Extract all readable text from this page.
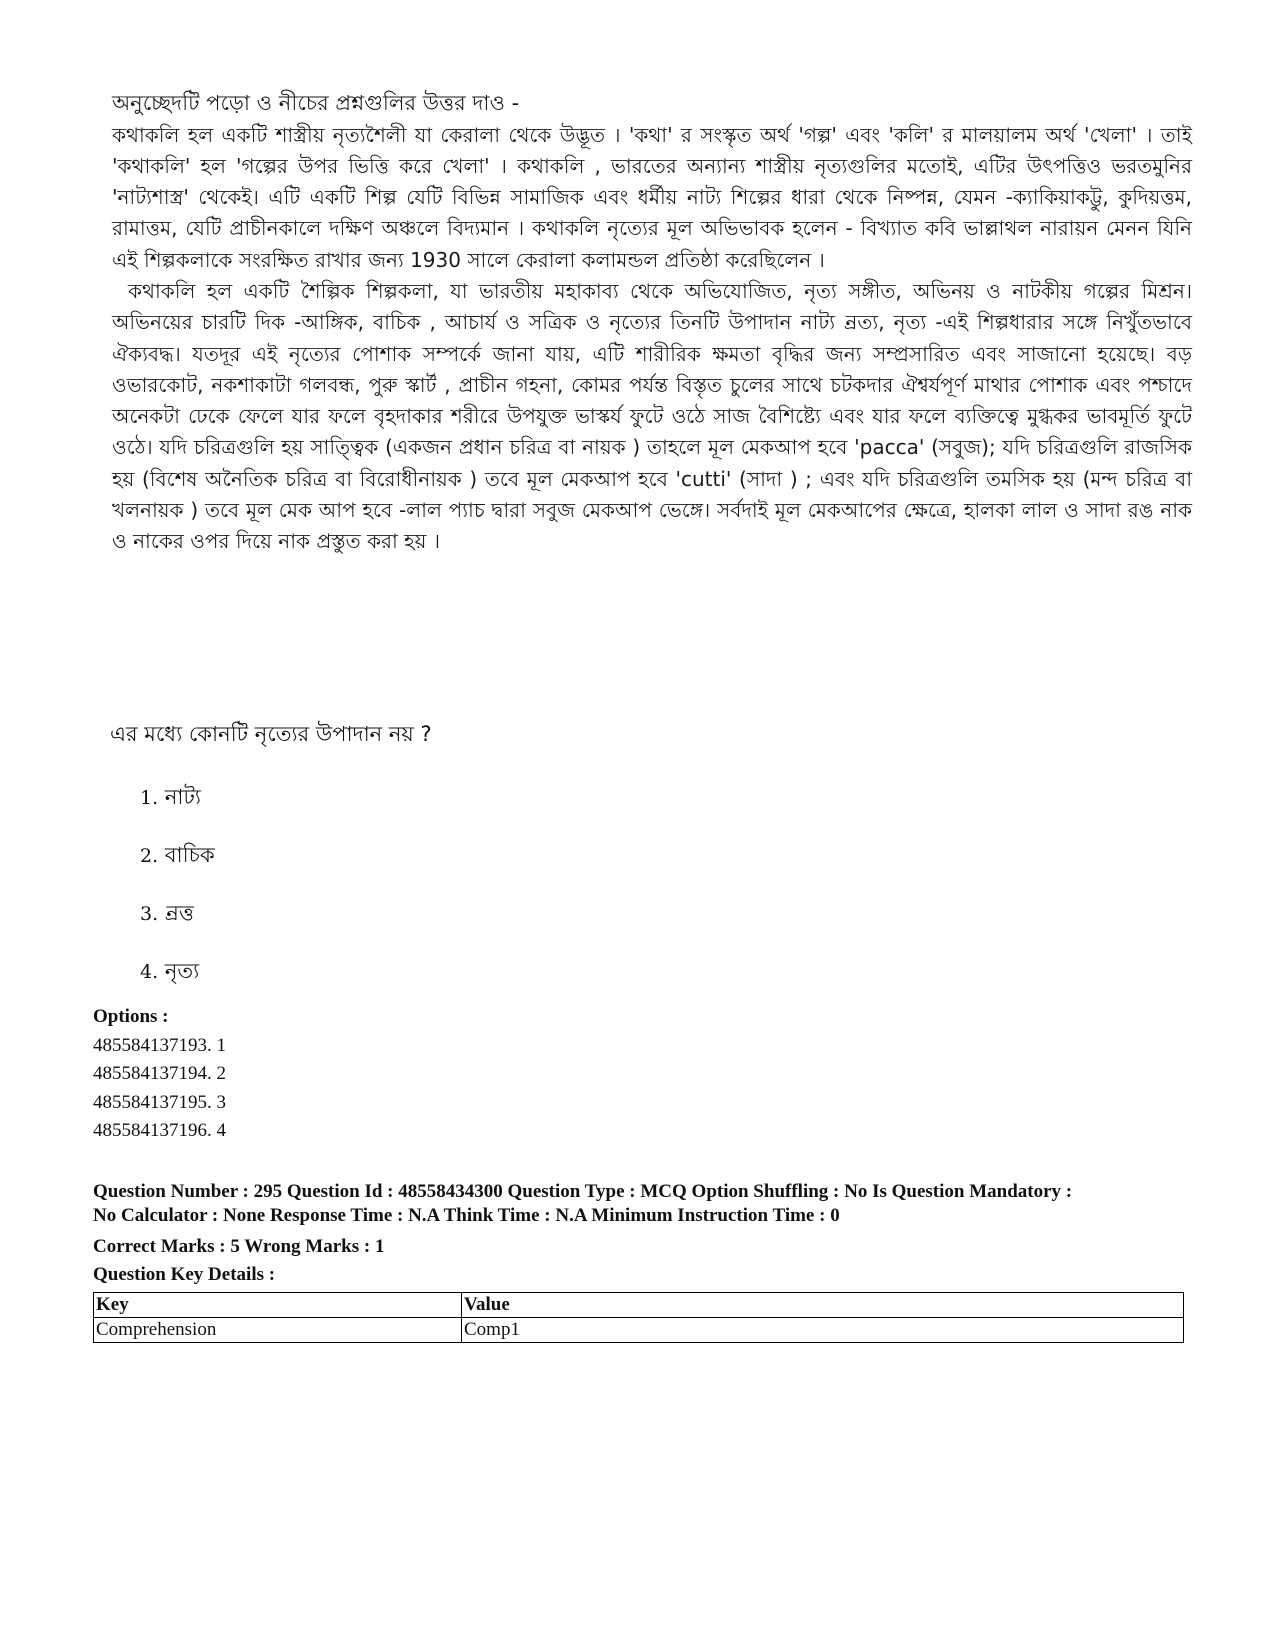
অনুচ্ছেদটি পড়ো ও নীচের প্রশ্নগুলির উত্তর দাও -

কথাকলি হল একটি শাস্ত্রীয় নৃত্যশৈলী যা কেরালা থেকে উদ্ভূত । 'কথা' র সংস্কৃত অর্থ 'গল্প' এবং 'কলি' র মালয়ালম অর্থ 'খেলা' । তাই 'কথাকলি' হল 'গল্পের উপর ভিত্তি করে খেলা' । কথাকলি , ভারতের অন্যান্য শাস্ত্রীয় নৃত্যগুলির মতোই, এটির উৎপত্তিও ভরতমুনির 'নাট্যশাস্ত্র' থেকেই। এটি একটি শিল্প যেটি বিভিন্ন সামাজিক এবং ধর্মীয় নাট্য শিল্পের ধারা থেকে নিষ্পন্ন, যেমন -ক্যাকিয়াকট্টু, কুদিয়ত্তম, রামাত্তম, যেটি প্রাচীনকালে দক্ষিণ অঞ্চলে বিদ্যমান । কথাকলি নৃত্যের মূল অভিভাবক হলেন - বিখ্যাত কবি ভাল্লাথল নারায়ন মেনন যিনি এই শিল্পকলাকে সংরক্ষিত রাখার জন্য 1930 সালে কেরালা কলামন্ডল প্রতিষ্ঠা করেছিলেন ।

কথাকলি হল একটি শৈল্পিক শিল্পকলা, যা ভারতীয় মহাকাব্য থেকে অভিযোজিত, নৃত্য সঙ্গীত, অভিনয় ও নাটকীয় গল্পের মিশ্রন। অভিনয়ের চারটি দিক -আঙ্গিক, বাচিক , আচার্য ও সত্রিক ও নৃত্যের তিনটি উপাদান নাট্য ন্রত্য, নৃত্য -এই শিল্পধারার সঙ্গে নিখুঁতভাবে ঐক্যবদ্ধ। যতদূর এই নৃত্যের পোশাক সম্পর্কে জানা যায়, এটি শারীরিক ক্ষমতা বৃদ্ধির জন্য সম্প্রসারিত এবং সাজানো হয়েছে। বড় ওভারকোট, নকশাকাটা গলবন্ধ, পুরু স্কার্ট , প্রাচীন গহনা, কোমর পর্যন্ত বিস্তৃত চুলের সাথে চটকদার ঐশ্বর্যপূর্ণ মাথার পোশাক এবং পশ্চাদে অনেকটা ঢেকে ফেলে যার ফলে বৃহদাকার শরীরে উপযুক্ত ভাস্কর্য ফুটে ওঠে সাজ বৈশিষ্ট্যে এবং যার ফলে ব্যক্তিত্বে মুগ্ধকর ভাবমূর্তি ফুটে ওঠে। যদি চরিত্রগুলি হয় সাত্ত্বিক (একজন প্রধান চরিত্র বা নায়ক ) তাহলে মূল মেকআপ হবে 'pacca' (সবুজ); যদি চরিত্রগুলি রাজসিক হয় (বিশেষ অনৈতিক চরিত্র বা বিরোধীনায়ক ) তবে মূল মেকআপ হবে 'cutti' (সাদা ) ; এবং যদি চরিত্রগুলি তমসিক হয় (মন্দ চরিত্র বা খলনায়ক ) তবে মূল মেক আপ হবে -লাল প্যাচ দ্বারা সবুজ মেকআপ ভেঙ্গে। সর্বদাই মূল মেকআপের ক্ষেত্রে, হালকা লাল ও সাদা রঙ নাক ও নাকের ওপর দিয়ে নাক প্রস্তুত করা হয় ।

এর মধ্যে কোনটি নৃত্যের উপাদান নয় ?

1. নাট্য
2. বাচিক
3. ন্রত্ত
4. নৃত্য

Options :

485584137193. 1

485584137194. 2

485584137195. 3

485584137196. 4

Question Number : 295 Question Id : 48558434300 Question Type : MCQ Option Shuffling : No Is Question Mandatory :
No Calculator : None Response Time : N.A Think Time : N.A Minimum Instruction Time : 0
Correct Marks : 5 Wrong Marks : 1
Question Key Details :
Key	Value
Comprehension	Comp1
